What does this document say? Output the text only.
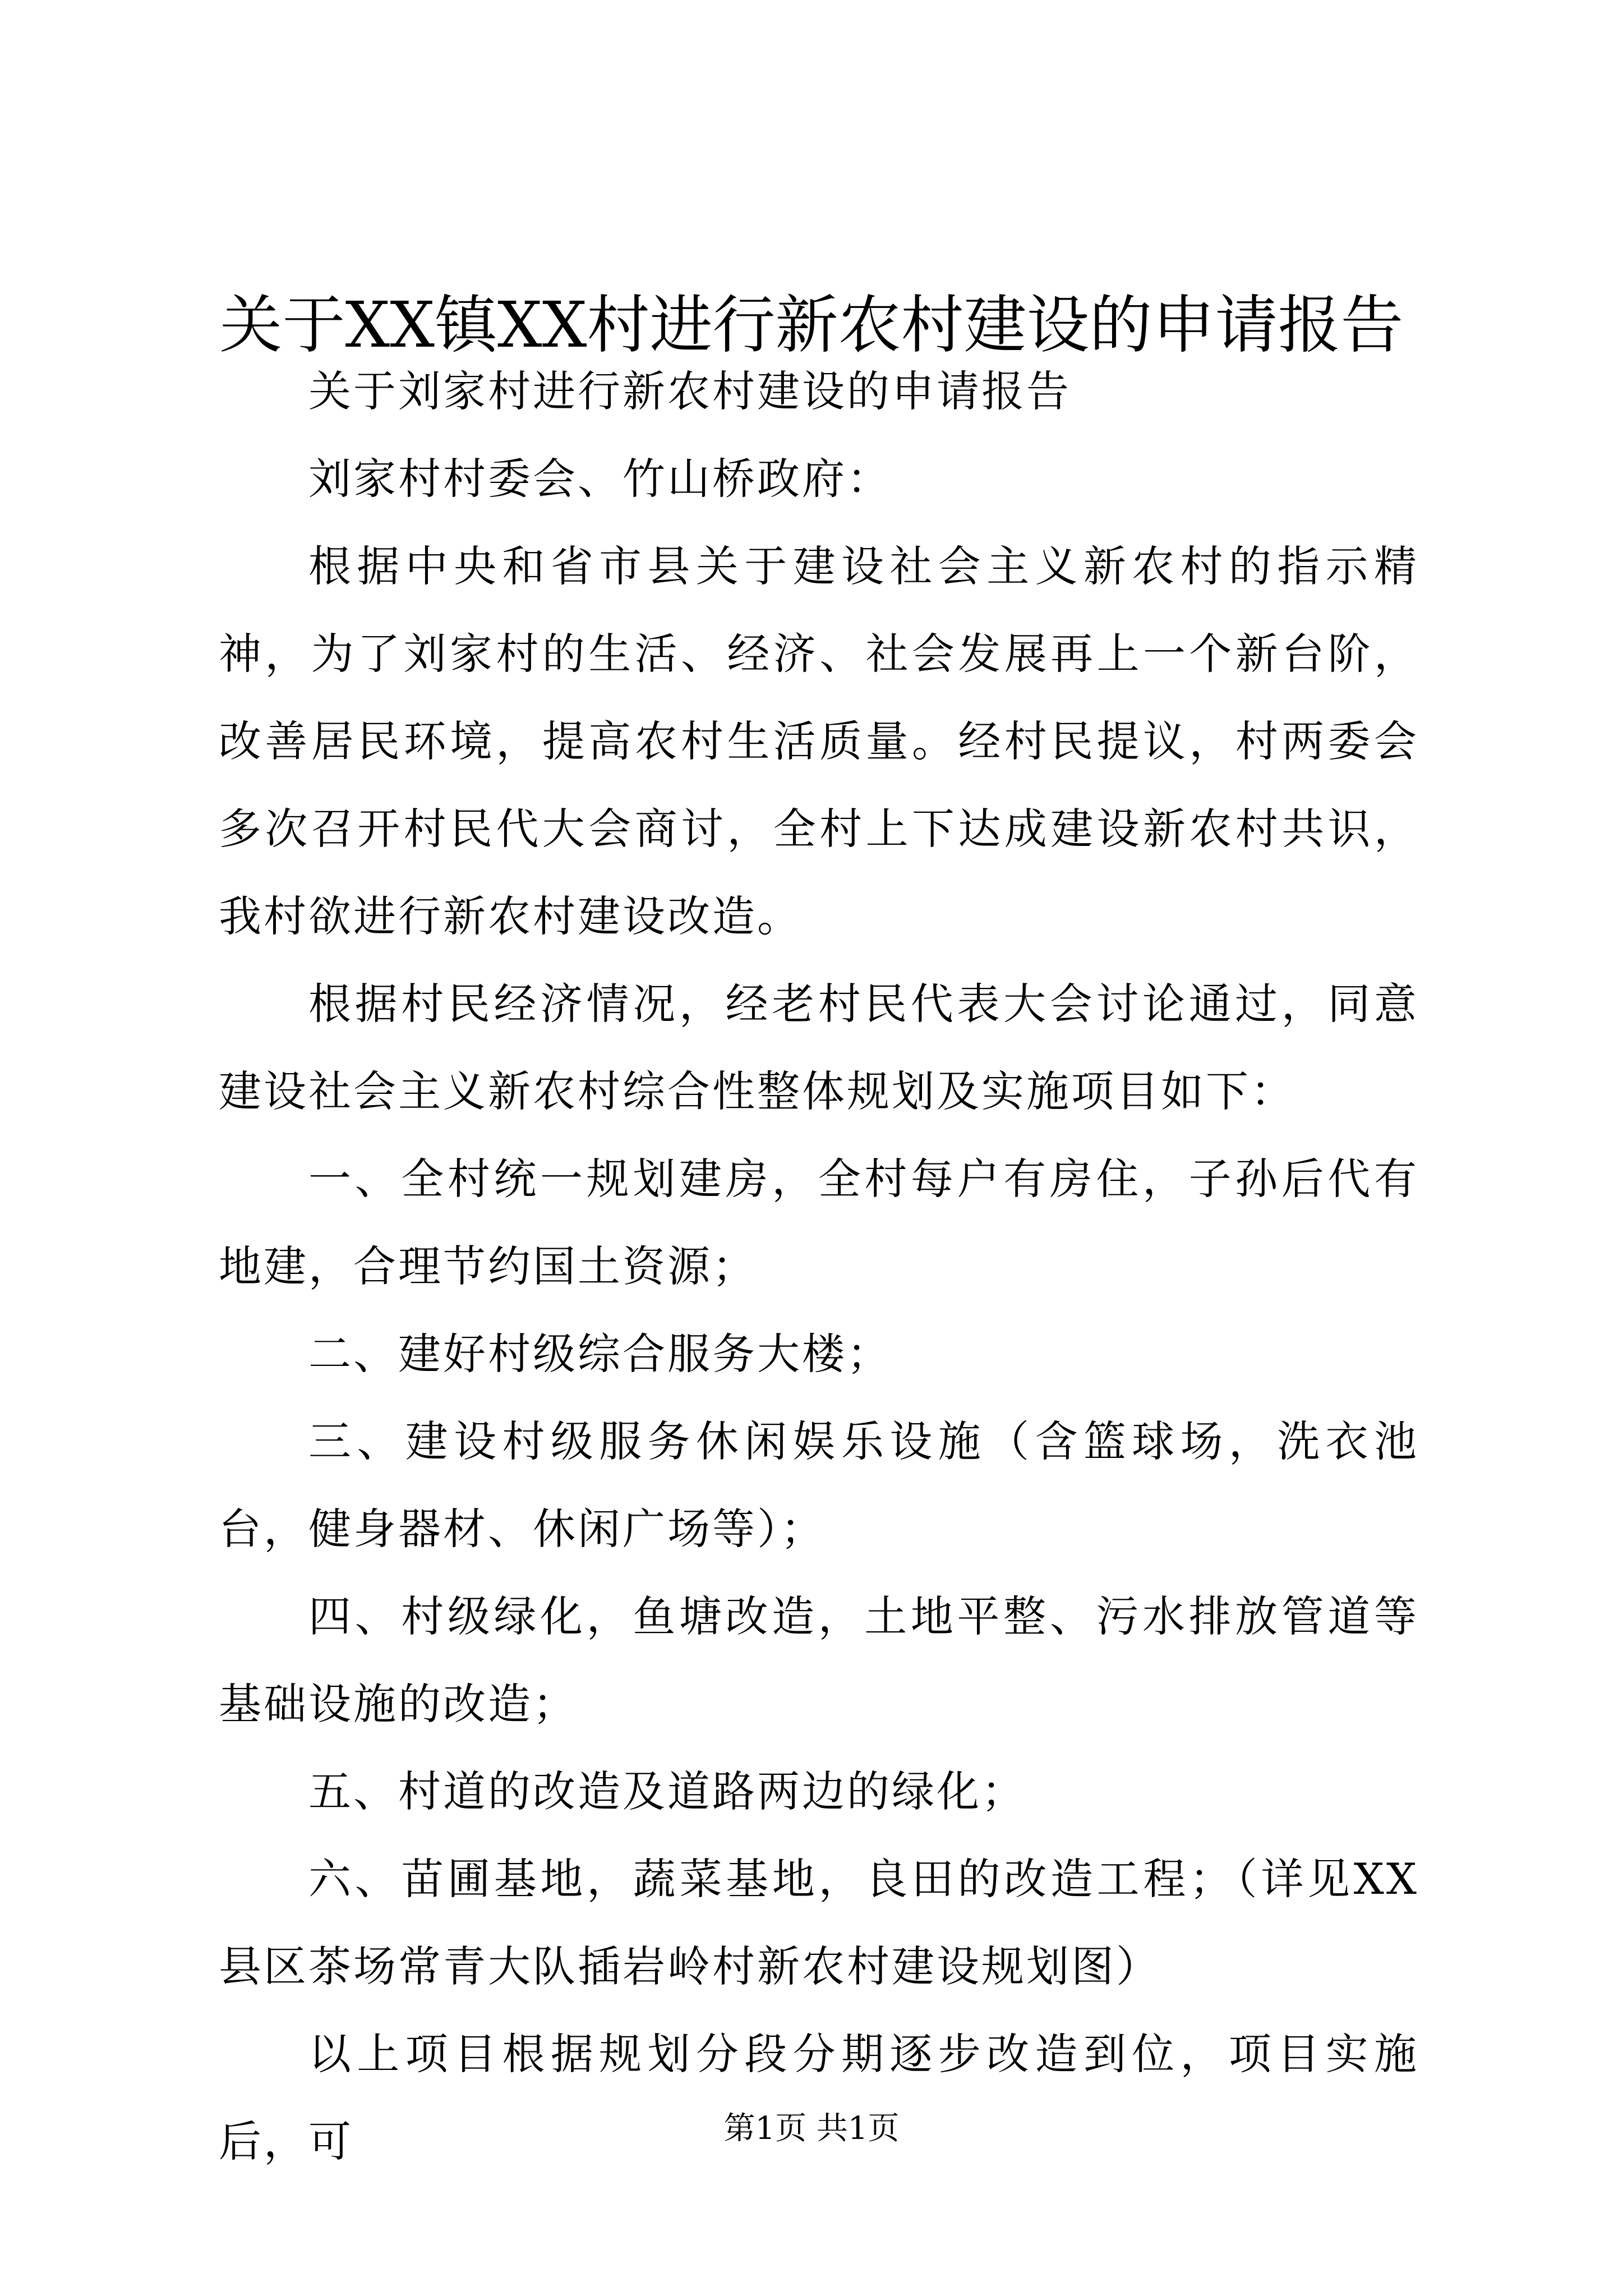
关于XX镇XX村进行新农村建设的申请报告

关于刘家村进行新农村建设的申请报告

刘家村村委会、竹山桥政府：

根据中央和省市县关于建设社会主义新农村的指示精神，为了刘家村的生活、经济、社会发展再上一个新台阶，改善居民环境，提高农村生活质量。经村民提议，村两委会多次召开村民代大会商讨，全村上下达成建设新农村共识，我村欲进行新农村建设改造。

根据村民经济情况，经老村民代表大会讨论通过，同意建设社会主义新农村综合性整体规划及实施项目如下：

一、全村统一规划建房，全村每户有房住，子孙后代有地建，合理节约国土资源；

二、建好村级综合服务大楼；

三、建设村级服务休闲娱乐设施（含篮球场，洗衣池台，健身器材、休闲广场等）；

四、村级绿化，鱼塘改造，土地平整、污水排放管道等基础设施的改造；

五、村道的改造及道路两边的绿化；

六、苗圃基地，蔬菜基地，良田的改造工程；（详见XX县区茶场常青大队插岩岭村新农村建设规划图）

以上项目根据规划分段分期逐步改造到位，项目实施后，可	第1页 共1页
